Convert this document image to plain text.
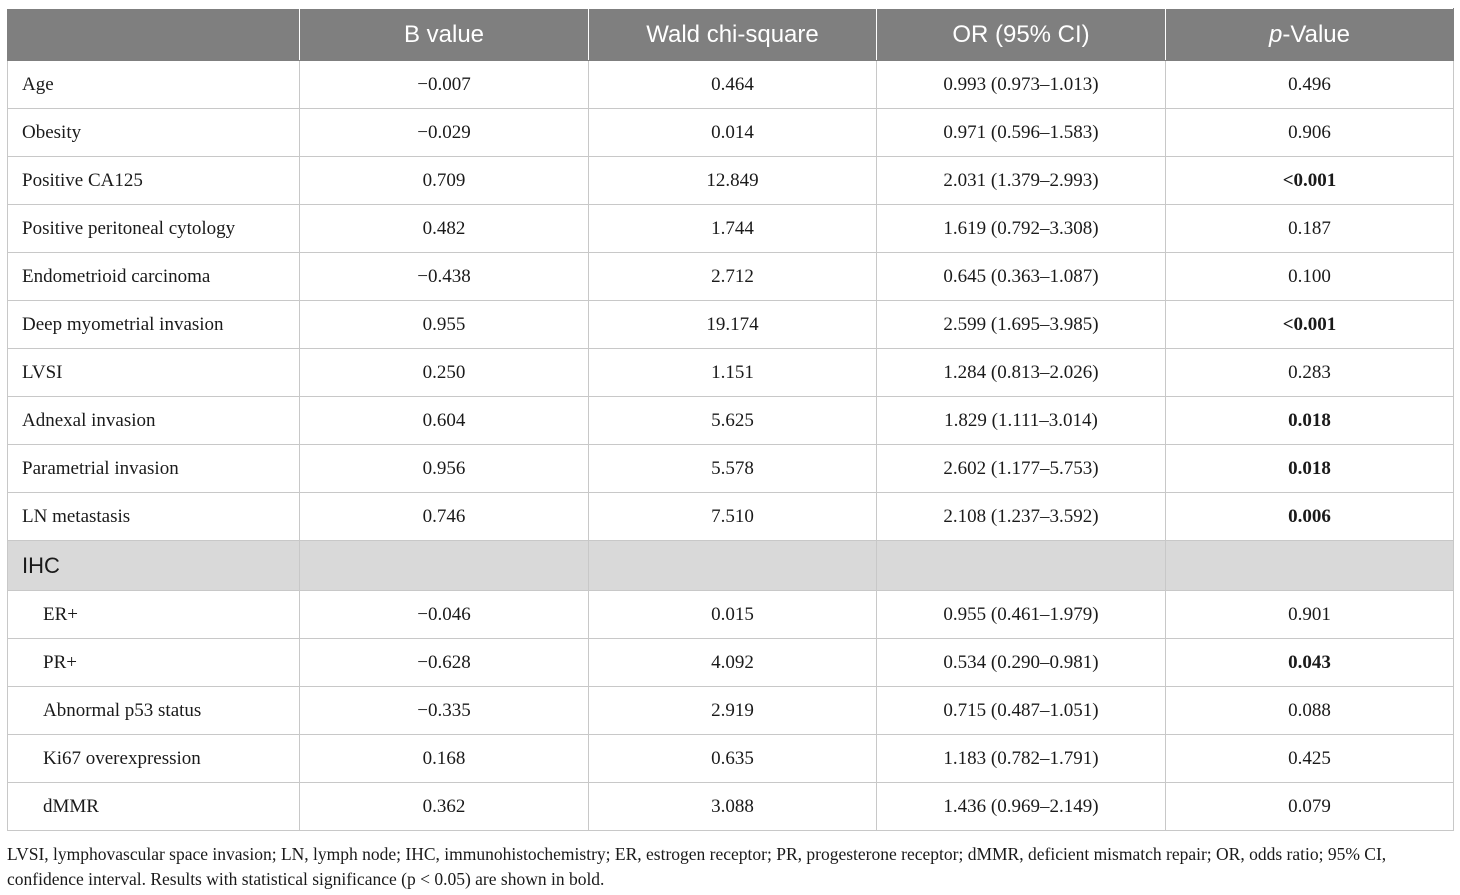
	B value	Wald chi-square	OR (95% CI)	p-Value
Age	−0.007	0.464	0.993 (0.973–1.013)	0.496
Obesity	−0.029	0.014	0.971 (0.596–1.583)	0.906
Positive CA125	0.709	12.849	2.031 (1.379–2.993)	<0.001
Positive peritoneal cytology	0.482	1.744	1.619 (0.792–3.308)	0.187
Endometrioid carcinoma	−0.438	2.712	0.645 (0.363–1.087)	0.100
Deep myometrial invasion	0.955	19.174	2.599 (1.695–3.985)	<0.001
LVSI	0.250	1.151	1.284 (0.813–2.026)	0.283
Adnexal invasion	0.604	5.625	1.829 (1.111–3.014)	0.018
Parametrial invasion	0.956	5.578	2.602 (1.177–5.753)	0.018
LN metastasis	0.746	7.510	2.108 (1.237–3.592)	0.006
IHC				
ER+	−0.046	0.015	0.955 (0.461–1.979)	0.901
PR+	−0.628	4.092	0.534 (0.290–0.981)	0.043
Abnormal p53 status	−0.335	2.919	0.715 (0.487–1.051)	0.088
Ki67 overexpression	0.168	0.635	1.183 (0.782–1.791)	0.425
dMMR	0.362	3.088	1.436 (0.969–2.149)	0.079
LVSI, lymphovascular space invasion; LN, lymph node; IHC, immunohistochemistry; ER, estrogen receptor; PR, progesterone receptor; dMMR, deficient mismatch repair; OR, odds ratio; 95% CI, confidence interval. Results with statistical significance (p < 0.05) are shown in bold.
